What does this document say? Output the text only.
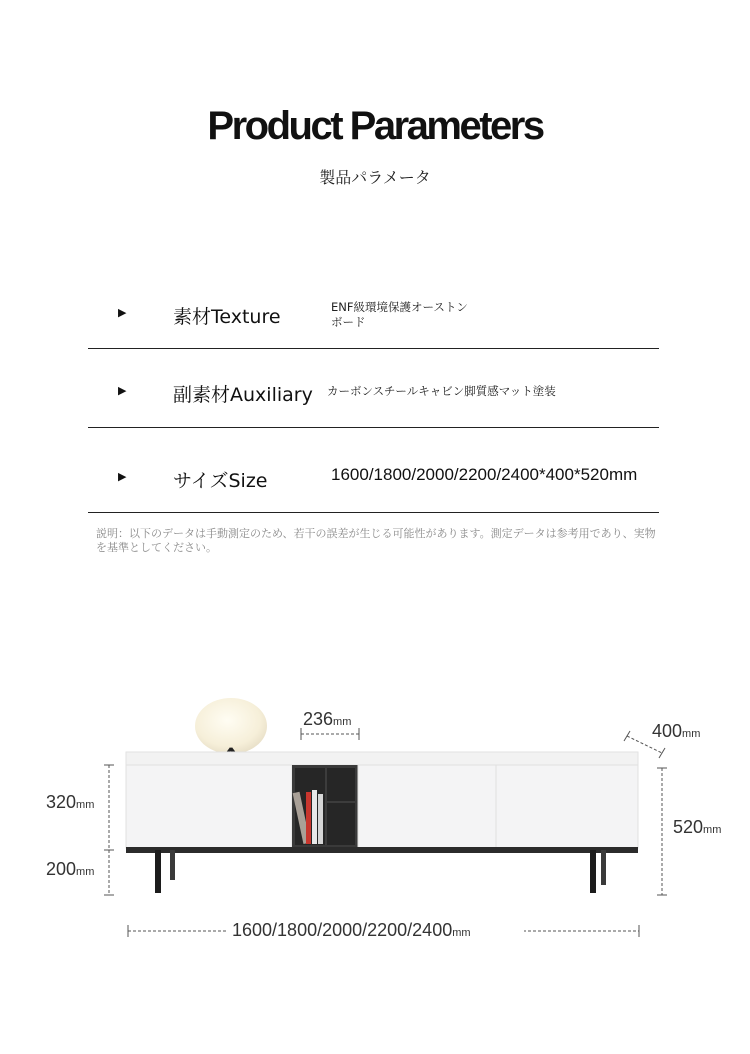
Product Parameters
製品パラメータ
▶ 素材Texture	ENF級環境保護オーストン
ボード
▶ 副素材Auxiliary カーボンスチールキャビン脚質感マット塗装
▶ サイズSize	1600/1800/2000/2200/2400*400*520mm
説明：以下のデータは手動測定のため、若干の誤差が生じる可能性があります。測定データは参考用であり、実物を基準としてください。
236mm	400mm
320mm
200mm
520mm
1600/1800/2000/2200/2400mm
